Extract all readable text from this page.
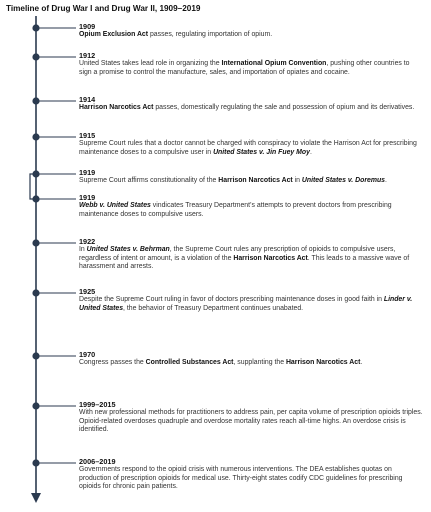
Timeline of Drug War I and Drug War II, 1909–2019
1909
Opium Exclusion Act passes, regulating importation of opium.
1912
United States takes lead role in organizing the International Opium Convention, pushing other countries to sign a promise to control the manufacture, sales, and importation of opiates and cocaine.
1914
Harrison Narcotics Act passes, domestically regulating the sale and possession of opium and its derivatives.
1915
Supreme Court rules that a doctor cannot be charged with conspiracy to violate the Harrison Act for prescribing maintenance doses to a compulsive user in United States v. Jin Fuey Moy.
1919
Supreme Court affirms constitutionality of the Harrison Narcotics Act in United States v. Doremus.
1919
Webb v. United States vindicates Treasury Department’s attempts to prevent doctors from prescribing maintenance doses to compulsive users.
1922
In United States v. Behrman, the Supreme Court rules any prescription of opioids to compulsive users, regardless of intent or amount, is a violation of the Harrison Narcotics Act. This leads to a massive wave of harassment and arrests.
1925
Despite the Supreme Court ruling in favor of doctors prescribing maintenance doses in good faith in Linder v. United States, the behavior of Treasury Department continues unabated.
1970
Congress passes the Controlled Substances Act, supplanting the Harrison Narcotics Act.
1999–2015
With new professional methods for practitioners to address pain, per capita volume of prescription opioids triples. Opioid-related overdoses quadruple and overdose mortality rates reach all-time highs. An overdose crisis is identified.
2006–2019
Governments respond to the opioid crisis with numerous interventions. The DEA establishes quotas on production of prescription opioids for medical use. Thirty-eight states codify CDC guidelines for prescribing opioids for chronic pain patients.
